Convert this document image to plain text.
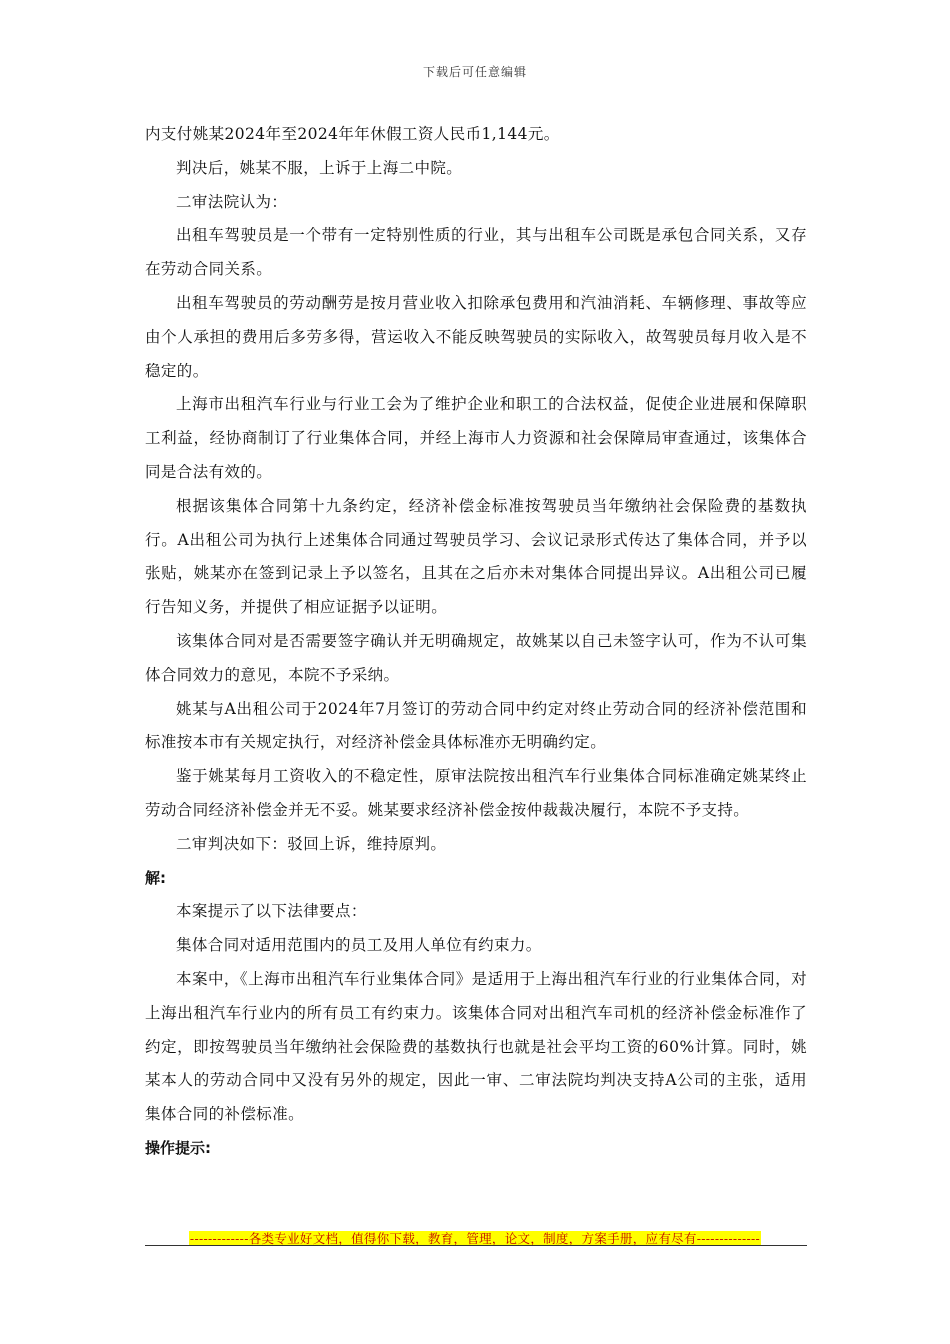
下载后可任意编辑

内支付姚某2024年至2024年年休假工资人民币1,144元。

判决后，姚某不服，上诉于上海二中院。

二审法院认为：

出租车驾驶员是一个带有一定特别性质的行业，其与出租车公司既是承包合同关系，又存在劳动合同关系。

出租车驾驶员的劳动酬劳是按月营业收入扣除承包费用和汽油消耗、车辆修理、事故等应由个人承担的费用后多劳多得，营运收入不能反映驾驶员的实际收入，故驾驶员每月收入是不稳定的。

上海市出租汽车行业与行业工会为了维护企业和职工的合法权益，促使企业进展和保障职工利益，经协商制订了行业集体合同，并经上海市人力资源和社会保障局审查通过，该集体合同是合法有效的。

根据该集体合同第十九条约定，经济补偿金标准按驾驶员当年缴纳社会保险费的基数执行。A出租公司为执行上述集体合同通过驾驶员学习、会议记录形式传达了集体合同，并予以张贴，姚某亦在签到记录上予以签名，且其在之后亦未对集体合同提出异议。A出租公司已履行告知义务，并提供了相应证据予以证明。

该集体合同对是否需要签字确认并无明确规定，故姚某以自己未签字认可，作为不认可集体合同效力的意见，本院不予采纳。

姚某与A出租公司于2024年7月签订的劳动合同中约定对终止劳动合同的经济补偿范围和标准按本市有关规定执行，对经济补偿金具体标准亦无明确约定。

鉴于姚某每月工资收入的不稳定性，原审法院按出租汽车行业集体合同标准确定姚某终止劳动合同经济补偿金并无不妥。姚某要求经济补偿金按仲裁裁决履行，本院不予支持。

二审判决如下：驳回上诉，维持原判。

解:

本案提示了以下法律要点：

集体合同对适用范围内的员工及用人单位有约束力。

本案中，《上海市出租汽车行业集体合同》是适用于上海出租汽车行业的行业集体合同，对上海出租汽车行业内的所有员工有约束力。该集体合同对出租汽车司机的经济补偿金标准作了约定，即按驾驶员当年缴纳社会保险费的基数执行也就是社会平均工资的60%计算。同时，姚某本人的劳动合同中又没有另外的规定，因此一审、二审法院均判决支持A公司的主张，适用集体合同的补偿标准。

操作提示:

-------------各类专业好文档，值得你下载，教育，管理，论文，制度，方案手册，应有尽有--------------
